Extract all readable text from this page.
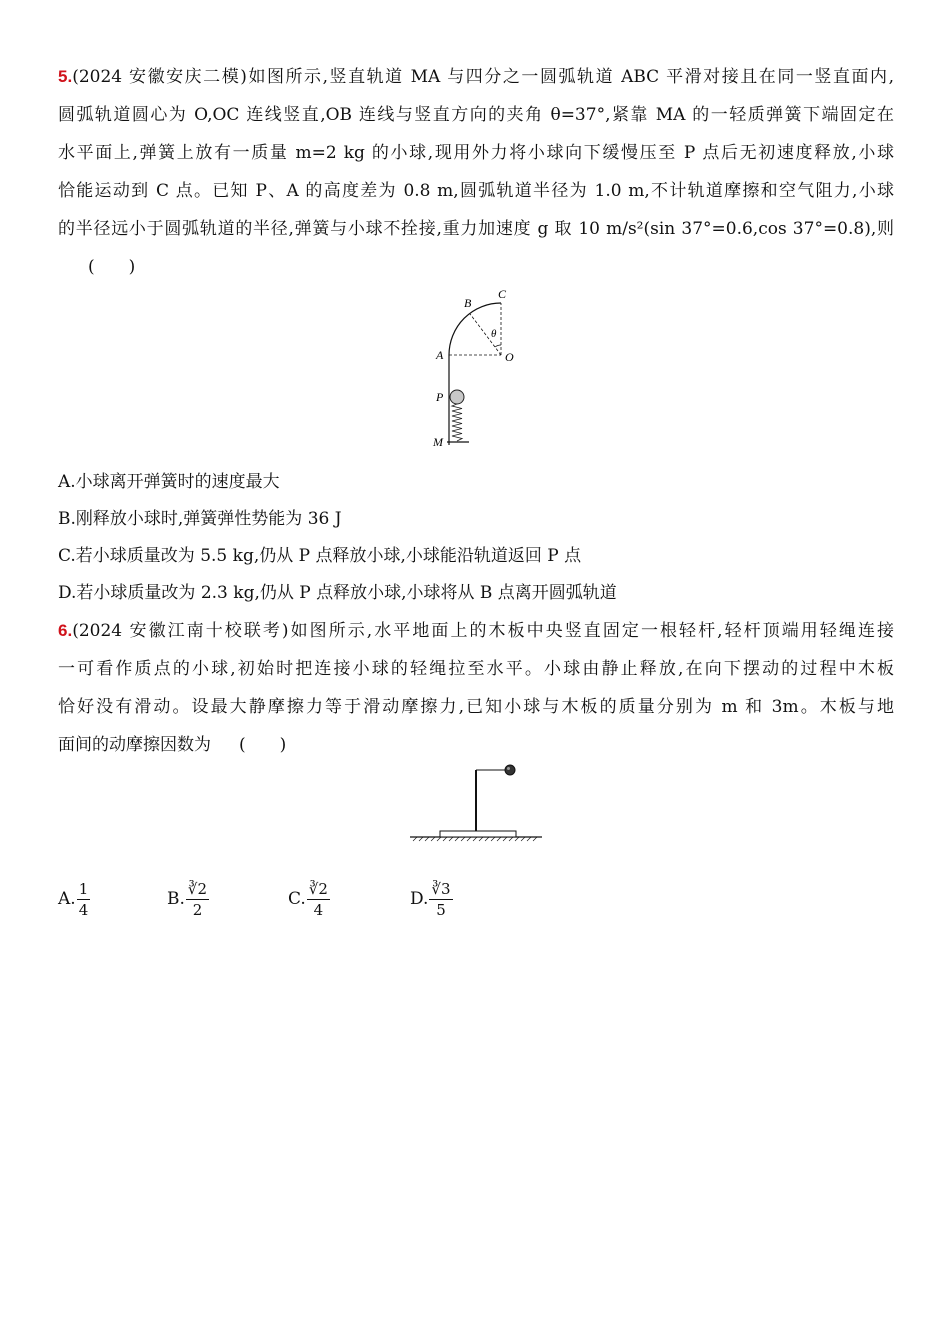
5.(2024 安徽安庆二模)如图所示,竖直轨道 MA 与四分之一圆弧轨道 ABC 平滑对接且在同一竖直面内,
圆弧轨道圆心为 O,OC 连线竖直,OB 连线与竖直方向的夹角 θ=37°,紧靠 MA 的一轻质弹簧下端固定在
水平面上,弹簧上放有一质量 m=2 kg 的小球,现用外力将小球向下缓慢压至 P 点后无初速度释放,小球
恰能运动到 C 点。已知 P、A 的高度差为 0.8 m,圆弧轨道半径为 1.0 m,不计轨道摩擦和空气阻力,小球
的半径远小于圆弧轨道的半径,弹簧与小球不拴接,重力加速度 g 取 10 m/s²(sin 37°=0.6,cos 37°=0.8),则
(　　)
B
C
θ
A	O
P
M
A.小球离开弹簧时的速度最大
B.刚释放小球时,弹簧弹性势能为 36 J
C.若小球质量改为 5.5 kg,仍从 P 点释放小球,小球能沿轨道返回 P 点
D.若小球质量改为 2.3 kg,仍从 P 点释放小球,小球将从 B 点离开圆弧轨道
6.(2024 安徽江南十校联考)如图所示,水平地面上的木板中央竖直固定一根轻杆,轻杆顶端用轻绳连接
一可看作质点的小球,初始时把连接小球的轻绳拉至水平。小球由静止释放,在向下摆动的过程中木板
恰好没有滑动。设最大静摩擦力等于滑动摩擦力,已知小球与木板的质量分别为 m 和 3m。木板与地
面间的动摩擦因数为 (　　)
A. $\frac{1}{4}$	B. $\frac{∛2}{2}$	C. $\frac{∛2}{4}$	D. $\frac{∛3}{5}$
